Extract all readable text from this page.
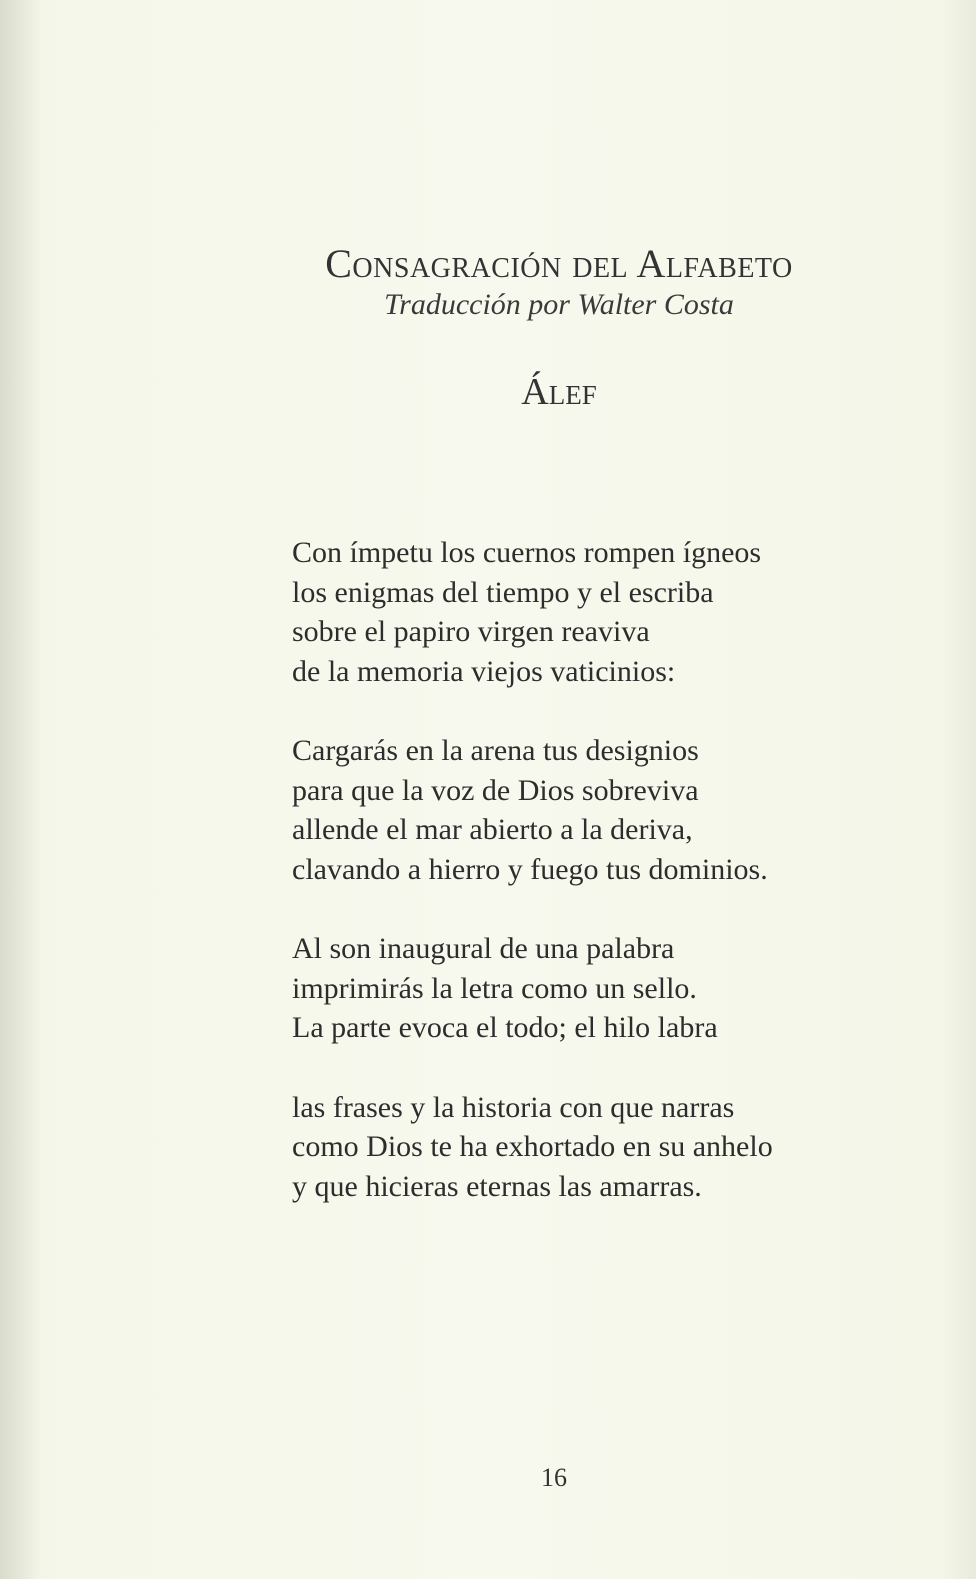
Consagración del Alfabeto
Traducción por Walter Costa
Álef
Con ímpetu los cuernos rompen ígneos
los enigmas del tiempo y el escriba
sobre el papiro virgen reaviva
de la memoria viejos vaticinios:
Cargarás en la arena tus designios
para que la voz de Dios sobreviva
allende el mar abierto a la deriva,
clavando a hierro y fuego tus dominios.
Al son inaugural de una palabra
imprimirás la letra como un sello.
La parte evoca el todo; el hilo labra
las frases y la historia con que narras
como Dios te ha exhortado en su anhelo
y que hicieras eternas las amarras.
16
